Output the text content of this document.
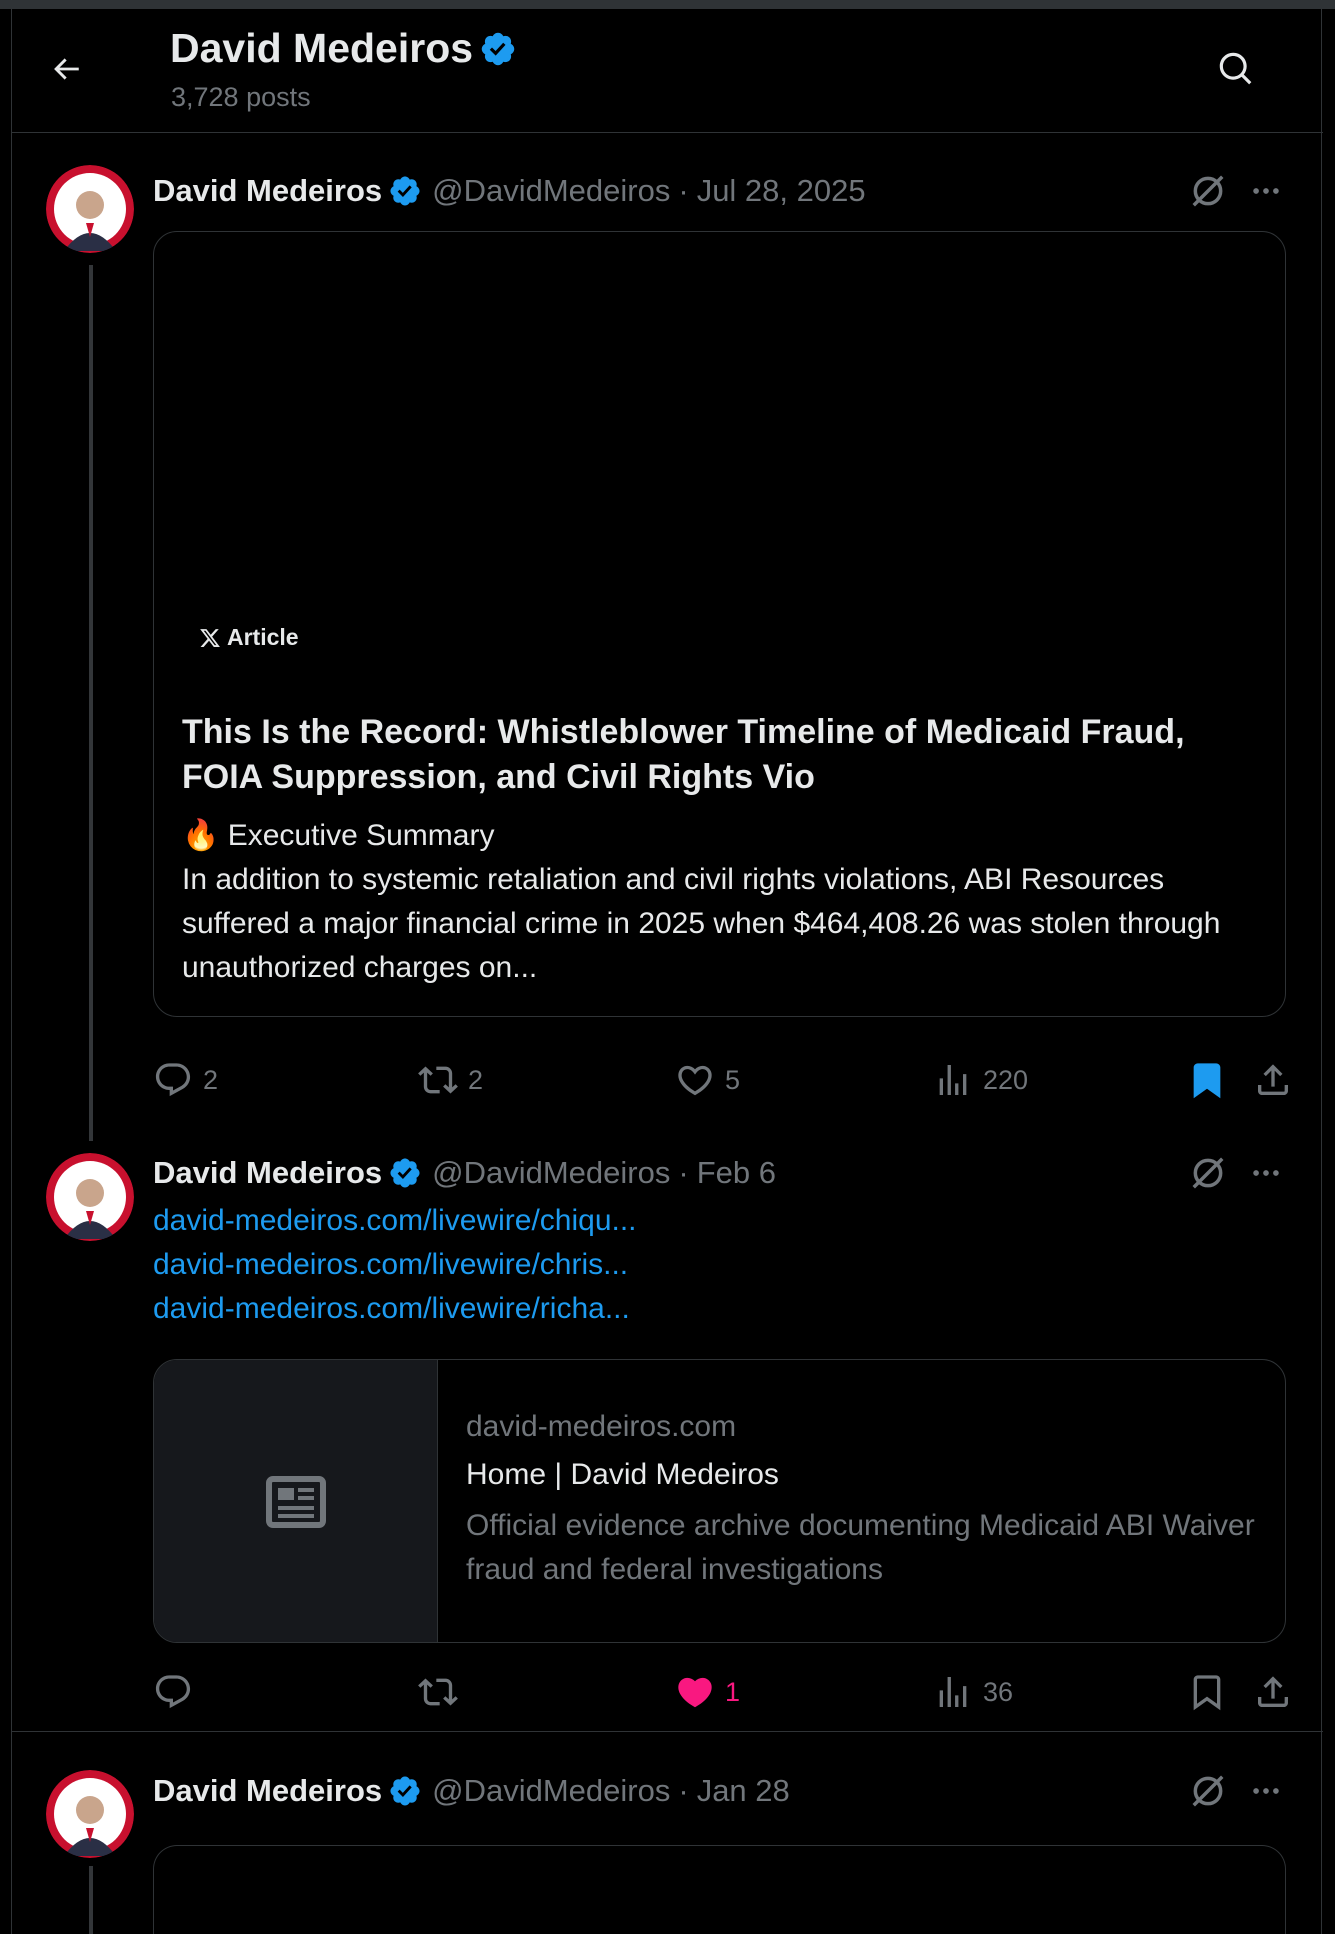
David Medeiros
3,728 posts
David Medeiros @DavidMedeiros · Jul 28, 2025
Article
This Is the Record: Whistleblower Timeline of Medicaid Fraud, FOIA Suppression, and Civil Rights Vio
🔥 Executive Summary
In addition to systemic retaliation and civil rights violations, ABI Resources suffered a major financial crime in 2025 when $464,408.26 was stolen through unauthorized charges on...
2	2	5	220
David Medeiros @DavidMedeiros · Feb 6
david-medeiros.com/livewire/chiqu...
david-medeiros.com/livewire/chris...
david-medeiros.com/livewire/richa...
david-medeiros.com
Home | David Medeiros
Official evidence archive documenting Medicaid ABI Waiver fraud and federal investigations
1	36
David Medeiros @DavidMedeiros · Jan 28
